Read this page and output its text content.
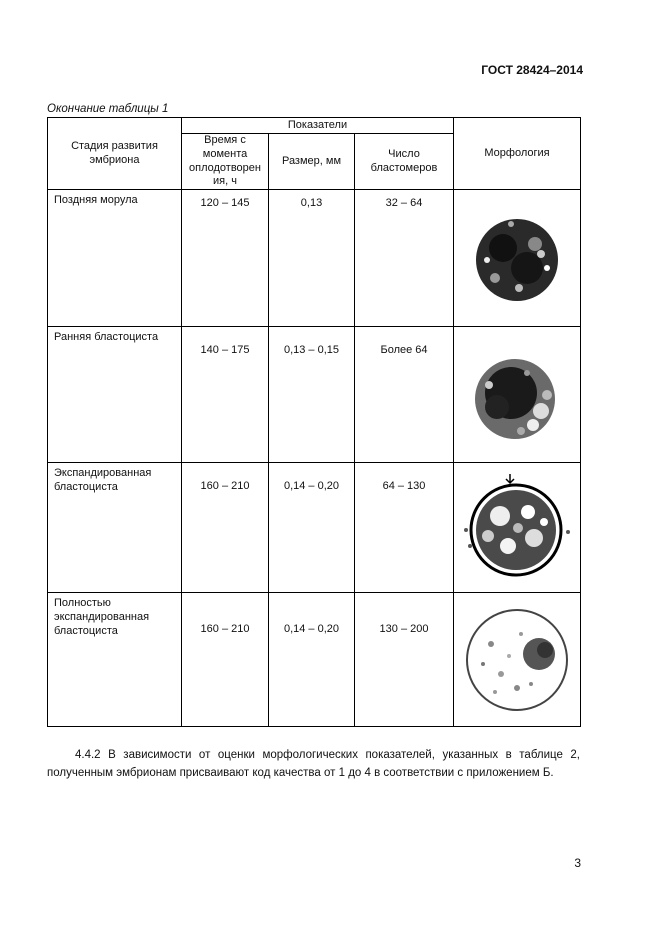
ГОСТ 28424–2014
Окончание таблицы 1
Стадия развития эмбриона	Показатели			Морфология
	Время с момента оплодотворен ия, ч	Размер, мм	Число бластомеров	
Поздняя морула	120 – 145	0,13	32 – 64	

Ранняя бластоциста	140 – 175	0,13 – 0,15	Более 64	

Экспандированная бластоциста	160 – 210	0,14 – 0,20	64 – 130	

Полностью экспандированная бластоциста	160 – 210	0,14 – 0,20	130 – 200	

4.4.2 В зависимости от оценки морфологических показателей, указанных в таблице 2, полученным эмбрионам присваивают код качества от 1 до 4 в соответствии с приложением Б.

3
